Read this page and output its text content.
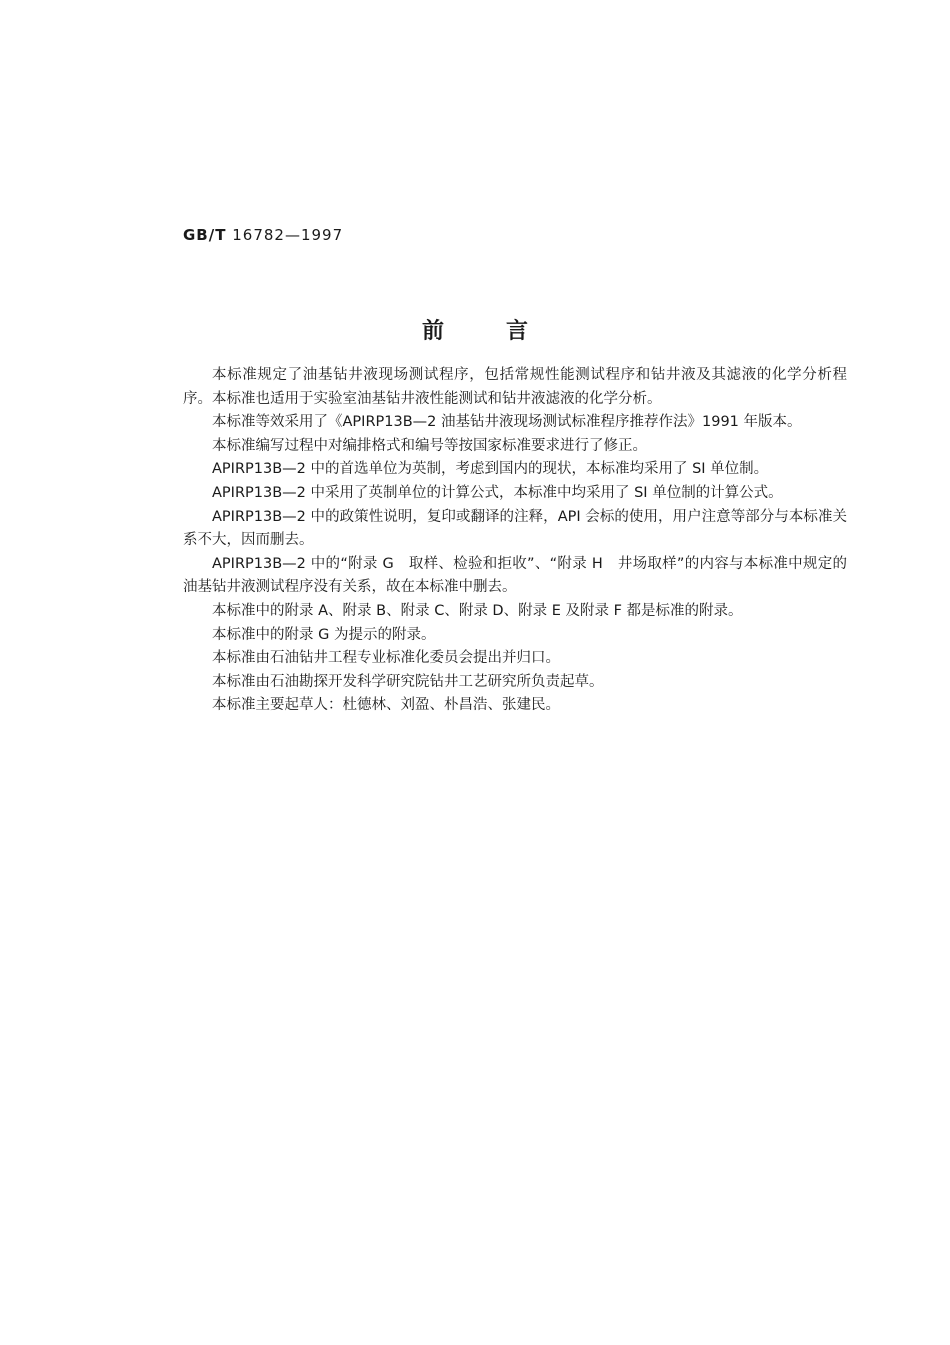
GB/T 16782—1997
前言

本标准规定了油基钻井液现场测试程序，包括常规性能测试程序和钻井液及其滤液的化学分析程序。本标准也适用于实验室油基钻井液性能测试和钻井液滤液的化学分析。

本标准等效采用了《APIRP13B—2 油基钻井液现场测试标准程序推荐作法》1991 年版本。

本标准编写过程中对编排格式和编号等按国家标准要求进行了修正。

APIRP13B—2 中的首选单位为英制，考虑到国内的现状，本标准均采用了 SI 单位制。

APIRP13B—2 中采用了英制单位的计算公式，本标准中均采用了 SI 单位制的计算公式。

APIRP13B—2 中的政策性说明，复印或翻译的注释，API 会标的使用，用户注意等部分与本标准关系不大，因而删去。

APIRP13B—2 中的“附录 G　取样、检验和拒收”、“附录 H　井场取样”的内容与本标准中规定的油基钻井液测试程序没有关系，故在本标准中删去。

本标准中的附录 A、附录 B、附录 C、附录 D、附录 E 及附录 F 都是标准的附录。

本标准中的附录 G 为提示的附录。

本标准由石油钻井工程专业标准化委员会提出并归口。

本标准由石油勘探开发科学研究院钻井工艺研究所负责起草。

本标准主要起草人：杜德林、刘盈、朴昌浩、张建民。
